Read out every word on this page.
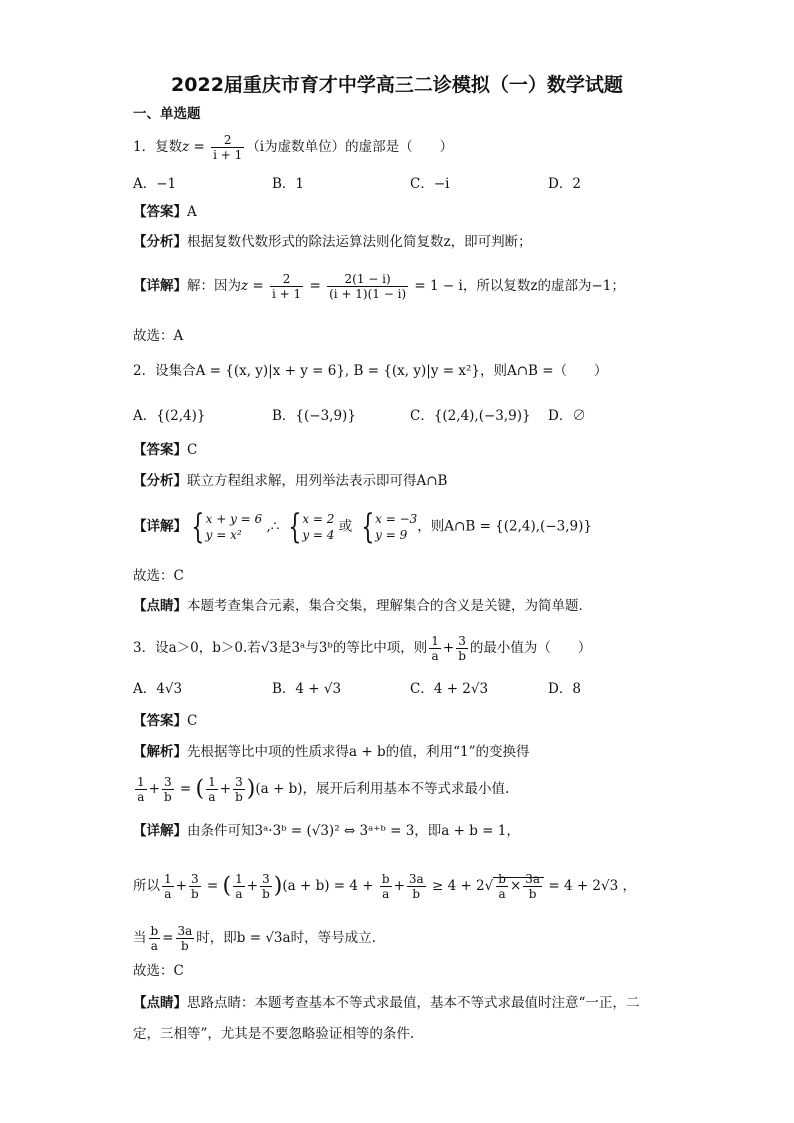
2022届重庆市育才中学高三二诊模拟（一）数学试题
一、单选题
1．复数$z = \frac{2}{i + 1} (i$为虚数单位）的虚部是（　　）
A．−1	B．1	C．−i	D．2
【答案】A
【分析】根据复数代数形式的除法运算法则化简复数z，即可判断；
【详解】解：因为$z = \frac{2}{i + 1} = \frac{2(1 - i)}{(i + 1)(1 - i)} = 1 - i$，所以复数z的虚部为−1；
故选：A
2．设集合A = {(x, y)|x + y = 6}, B = {(x, y)|y = x²}，则A∩B =（　　）
A．{(2,4)}	B．{(−3,9)}	C．{(2,4),(−3,9)} D．∅
【答案】C
【分析】联立方程组求解，用列举法表示即可得A∩B
【详解】 {x + y = 6
y = x² ,∴ {x = 2
y = 4 或 {x = −3
y = 9，则A∩B = {(2,4),(−3,9)}
故选：C
【点睛】本题考查集合元素，集合交集，理解集合的含义是关键，为简单题．
3．设a＞0，b＞0.若√3是3ᵃ与3ᵇ的等比中项，则 $\frac{1}{a} + \frac{3}{b}$ 的最小值为（　　）
A．4√3	B．4 + √3	C．4 + 2√3	D．8
【答案】C
【解析】先根据等比中项的性质求得a + b的值，利用“1”的变换得
$\frac{1}{a} + \frac{3}{b}$ = ( $\frac{1}{a} + \frac{3}{b} )(a + b)$，展开后利用基本不等式求最小值.
【详解】由条件可知3ᵃ·3ᵇ = (√3)² ⇔ 3ᵃ⁺ᵇ = 3，即a + b = 1，
所以 $\frac{1}{a} + \frac{3}{b}$ = ( $\frac{1}{a} + \frac{3}{b} )(a + b) = 4 + \frac{b}{a} + \frac{3a}{b} \ge 4 + 2√ \frac{b}{a} \times \frac{3a}{b} = 4 + 2√3$ ，
当 $\frac{b}{a} = \frac{3a}{b}$ 时，即b = √3a时，等号成立.
故选：C
【点睛】思路点睛：本题考查基本不等式求最值，基本不等式求最值时注意“一正，二
定，三相等”，尤其是不要忽略验证相等的条件.
